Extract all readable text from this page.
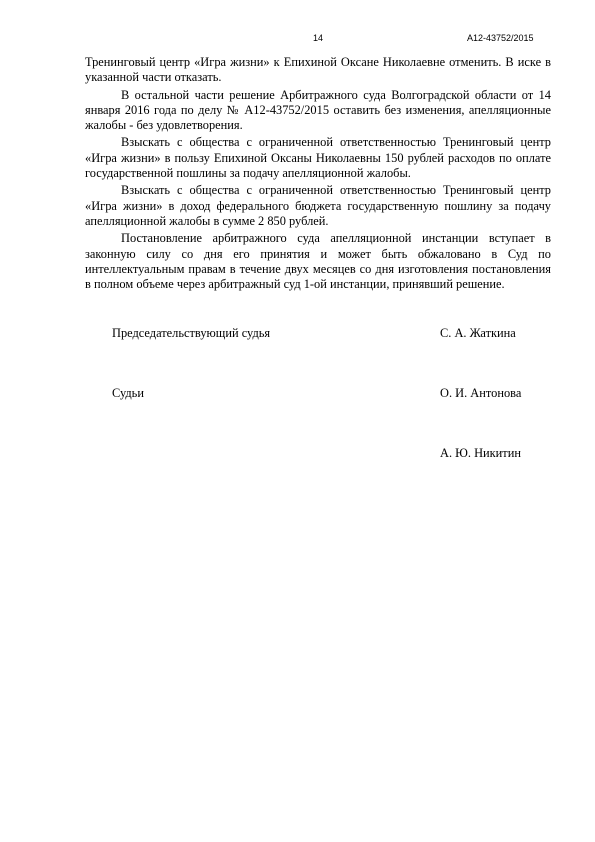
14	А12-43752/2015

Тренинговый центр «Игра жизни» к Епихиной Оксане Николаевне отменить. В иске в указанной части отказать.

В остальной части решение Арбитражного суда Волгоградской области от 14 января 2016 года по делу № А12-43752/2015 оставить без изменения, апелляционные жалобы - без удовлетворения.

Взыскать с общества с ограниченной ответственностью Тренинговый центр «Игра жизни» в пользу Епихиной Оксаны Николаевны 150 рублей расходов по оплате государственной пошлины за подачу апелляционной жалобы.

Взыскать с общества с ограниченной ответственностью Тренинговый центр «Игра жизни» в доход федерального бюджета государственную пошлину за подачу апелляционной жалобы в сумме 2 850 рублей.

Постановление арбитражного суда апелляционной инстанции вступает в законную силу со дня его принятия и может быть обжаловано в Суд по интеллектуальным правам в течение двух месяцев со дня изготовления постановления в полном объеме через арбитражный суд 1-ой инстанции, принявший решение.

Председательствующий судья	С. А. Жаткина
Судьи	О. И. Антонова
А. Ю. Никитин
